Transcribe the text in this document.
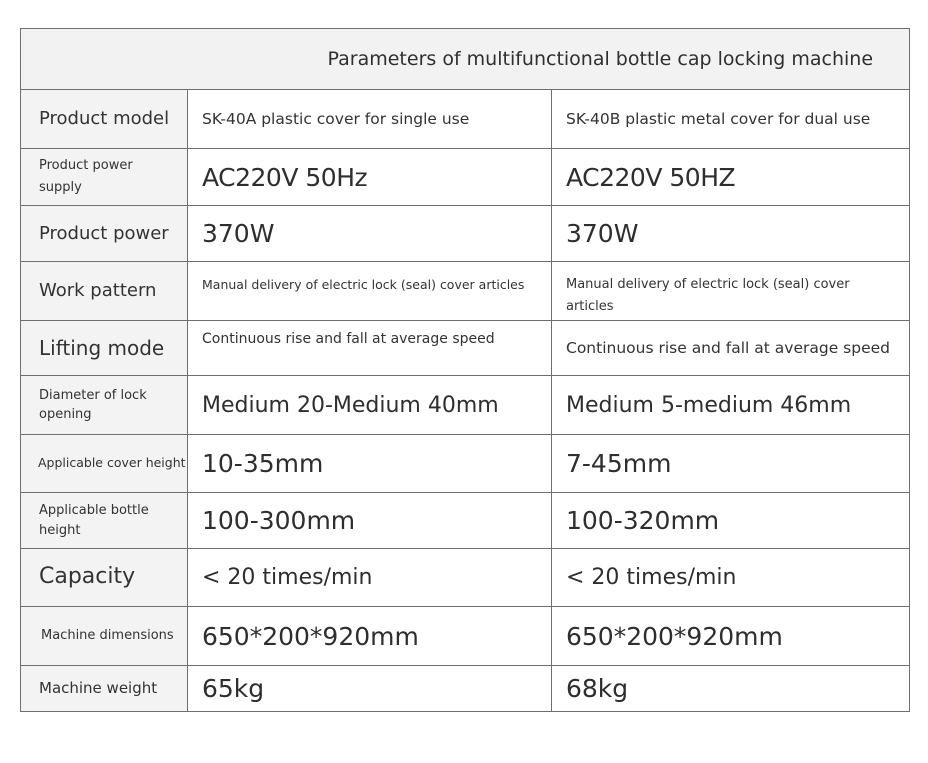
Parameters of multifunctional bottle cap locking machine		

Product model	SK-40A plastic cover for single use	SK-40B plastic metal cover for dual use

Product power supply	AC220V 50Hz	AC220V 50HZ

Product power	370W	370W

Work pattern	Manual delivery of electric lock (seal) cover articles	Manual delivery of electric lock (seal) cover articles

Lifting mode	Continuous rise and fall at average speed	Continuous rise and fall at average speed

Diameter of lock opening	Medium 20-Medium 40mm	Medium 5-medium 46mm

Applicable cover height	10-35mm	7-45mm

Applicable bottle height	100-300mm	100-320mm

Capacity	< 20 times/min	< 20 times/min

Machine dimensions	650*200*920mm	650*200*920mm

Machine weight	65kg	68kg
